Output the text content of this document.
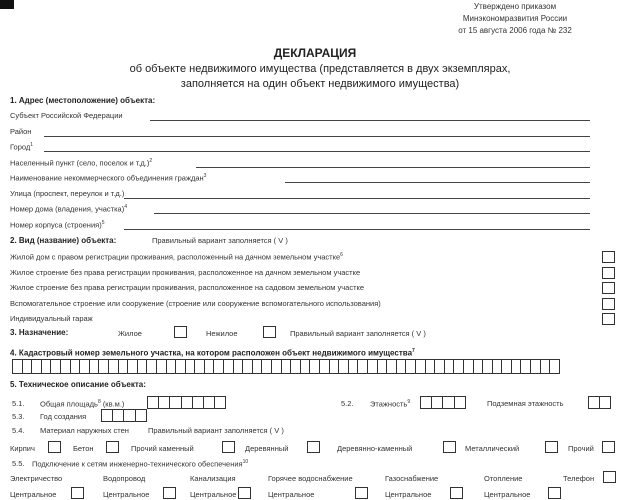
Утверждено приказом
Минэкономразвития России
от 15 августа 2006 года № 232
ДЕКЛАРАЦИЯ
об объекте недвижимого имущества (представляется в двух экземплярах,
заполняется на один объект недвижимого имущества)
1. Адрес (местоположение) объекта:
Субъект Российской Федерации
Район
Город$^1$
Населенный пункт (село, поселок и т.д.)$^2$
Наименование некоммерческого объединения граждан$^3$
Улица (проспект, переулок и т.д.)
Номер дома (владения, участка)$^4$
Номер корпуса (строения)$^5$
2. Вид (название) объекта:	Правильный вариант заполняется ( V )
Жилой дом с правом регистрации проживания, расположенный на дачном земельном участке$^6$
Жилое строение без права регистрации проживания, расположенное на дачном земельном участке
Жилое строение без права регистрации проживания, расположенное на садовом земельном участке
Вспомогательное строение или сооружение (строение или сооружение вспомогательного использования)
Индивидуальный гараж
3. Назначение:	Жилое	Нежилое	Правильный вариант заполняется ( V )
4. Кадастровый номер земельного участка, на котором расположен объект недвижимого имущества$^7$
5. Техническое описание объекта:
5.1. Общая площадь$^8$ (кв.м.)	5.2. Этажность$^9$	Подземная этажность
5.3. Год создания
5.4. Материал наружных стен	Правильный вариант заполняется ( V )
Кирпич	Бетон	Прочий каменный	Деревянный	Деревянно-каменный	Металлический	Прочий
5.5. Подключение к сетям инженерно-технического обеспечения$^{10}$
Электричество	Водопровод	Канализация	Горячее водоснабжение	Газоснабжение	Отопление	Телефон
Центральное	Центральное	Центральное	Центральное	Центральное	Центральное
